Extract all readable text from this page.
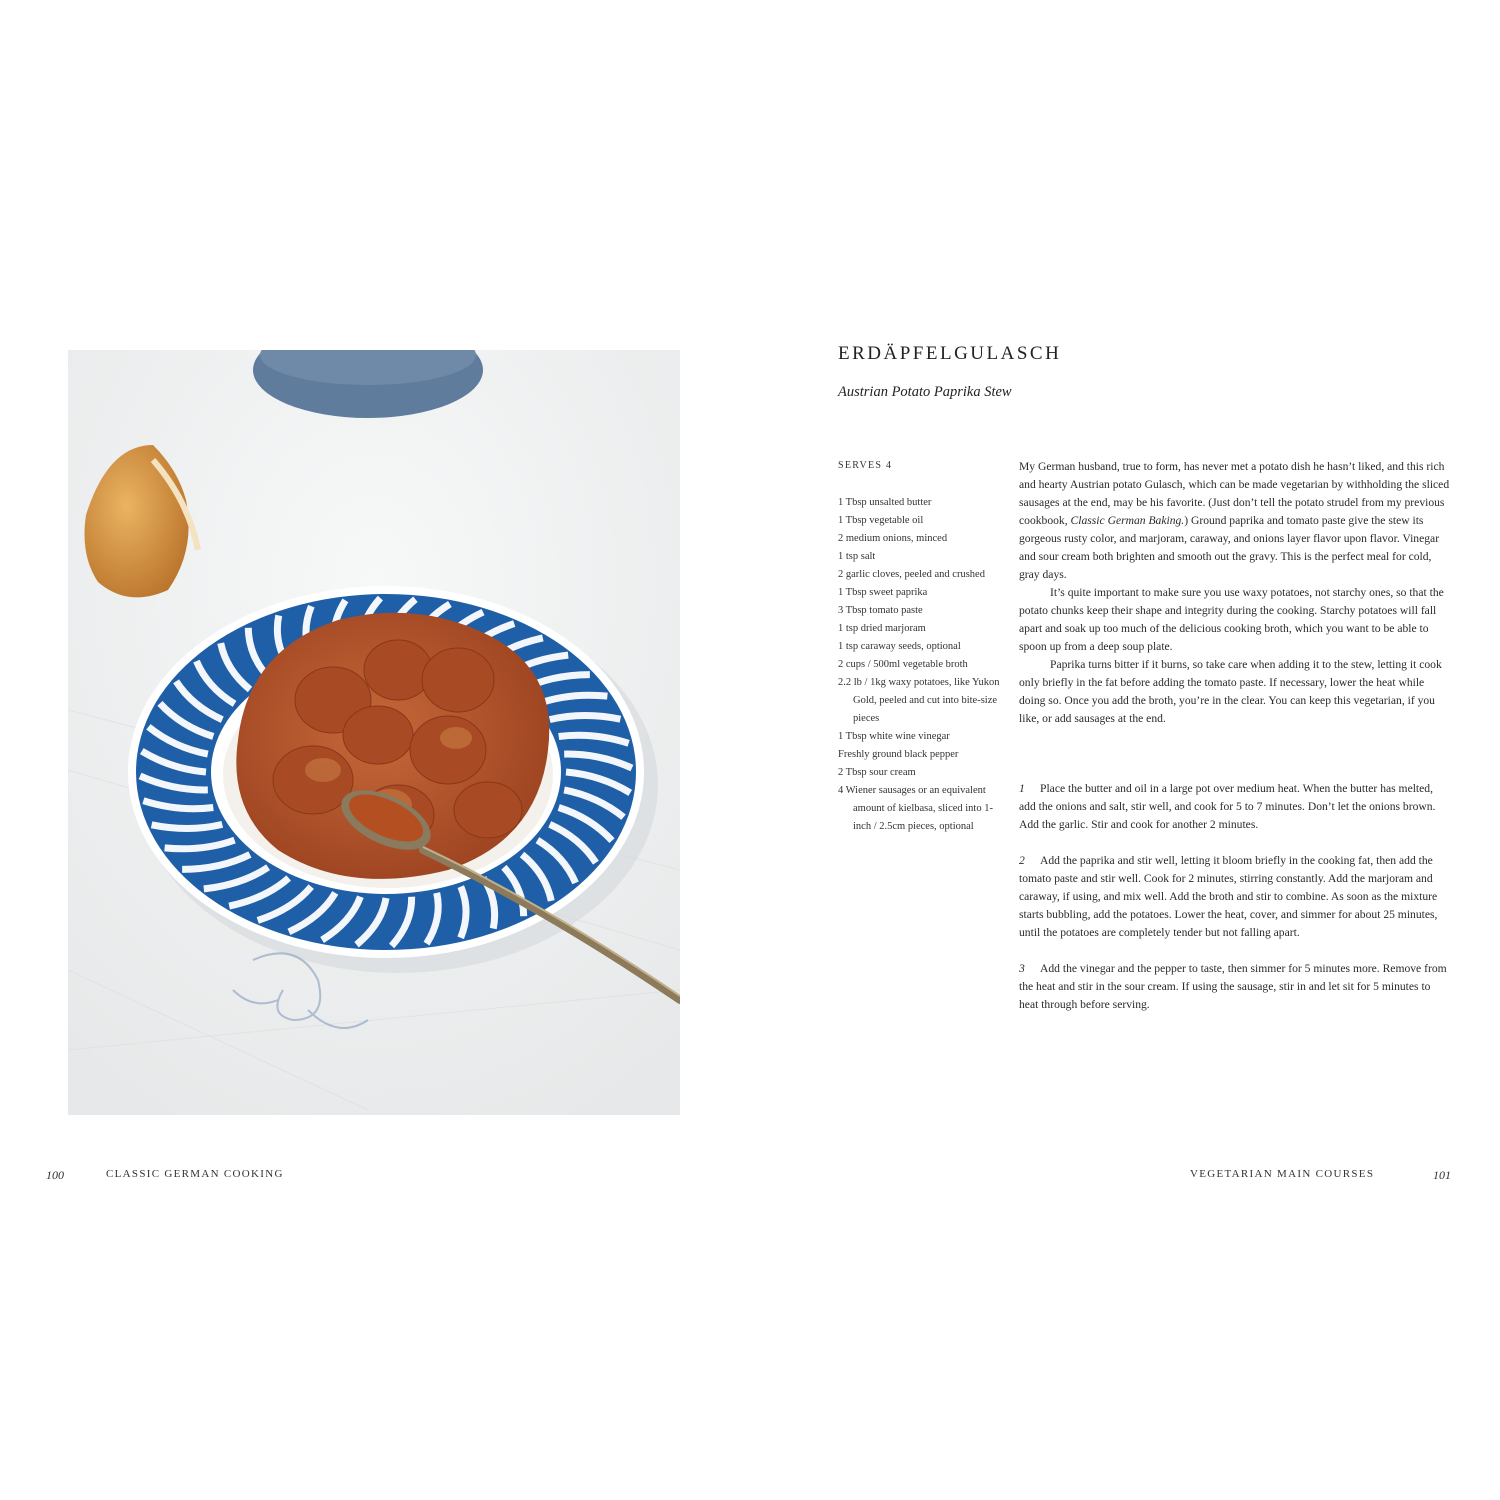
ERDÄPFELGULASCH
Austrian Potato Paprika Stew
SERVES 4
1 Tbsp unsalted butter
1 Tbsp vegetable oil
2 medium onions, minced
1 tsp salt
2 garlic cloves, peeled and crushed
1 Tbsp sweet paprika
3 Tbsp tomato paste
1 tsp dried marjoram
1 tsp caraway seeds, optional
2 cups / 500ml vegetable broth
2.2 lb / 1kg waxy potatoes, like Yukon Gold, peeled and cut into bite-size pieces
1 Tbsp white wine vinegar
Freshly ground black pepper
2 Tbsp sour cream
4 Wiener sausages or an equivalent amount of kielbasa, sliced into 1-inch / 2.5cm pieces, optional

My German husband, true to form, has never met a potato dish he hasn’t liked, and this rich and hearty Austrian potato Gulasch, which can be made vegetarian by withholding the sliced sausages at the end, may be his favorite. (Just don’t tell the potato strudel from my previous cookbook, Classic German Baking.) Ground paprika and tomato paste give the stew its gorgeous rusty color, and marjoram, caraway, and onions layer flavor upon flavor. Vinegar and sour cream both brighten and smooth out the gravy. This is the perfect meal for cold, gray days.

It’s quite important to make sure you use waxy potatoes, not starchy ones, so that the potato chunks keep their shape and integrity during the cooking. Starchy potatoes will fall apart and soak up too much of the delicious cooking broth, which you want to be able to spoon up from a deep soup plate.

Paprika turns bitter if it burns, so take care when adding it to the stew, letting it cook only briefly in the fat before adding the tomato paste. If necessary, lower the heat while doing so. Once you add the broth, you’re in the clear. You can keep this vegetarian, if you like, or add sausages at the end.

1 Place the butter and oil in a large pot over medium heat. When the butter has melted, add the onions and salt, stir well, and cook for 5 to 7 minutes. Don’t let the onions brown. Add the garlic. Stir and cook for another 2 minutes.

2 Add the paprika and stir well, letting it bloom briefly in the cooking fat, then add the tomato paste and stir well. Cook for 2 minutes, stirring constantly. Add the marjoram and caraway, if using, and mix well. Add the broth and stir to combine. As soon as the mixture starts bubbling, add the potatoes. Lower the heat, cover, and simmer for about 25 minutes, until the potatoes are completely tender but not falling apart.

3 Add the vinegar and the pepper to taste, then simmer for 5 minutes more. Remove from the heat and stir in the sour cream. If using the sausage, stir in and let sit for 5 minutes to heat through before serving.

100	CLASSIC GERMAN COOKING	VEGETARIAN MAIN COURSES	101
